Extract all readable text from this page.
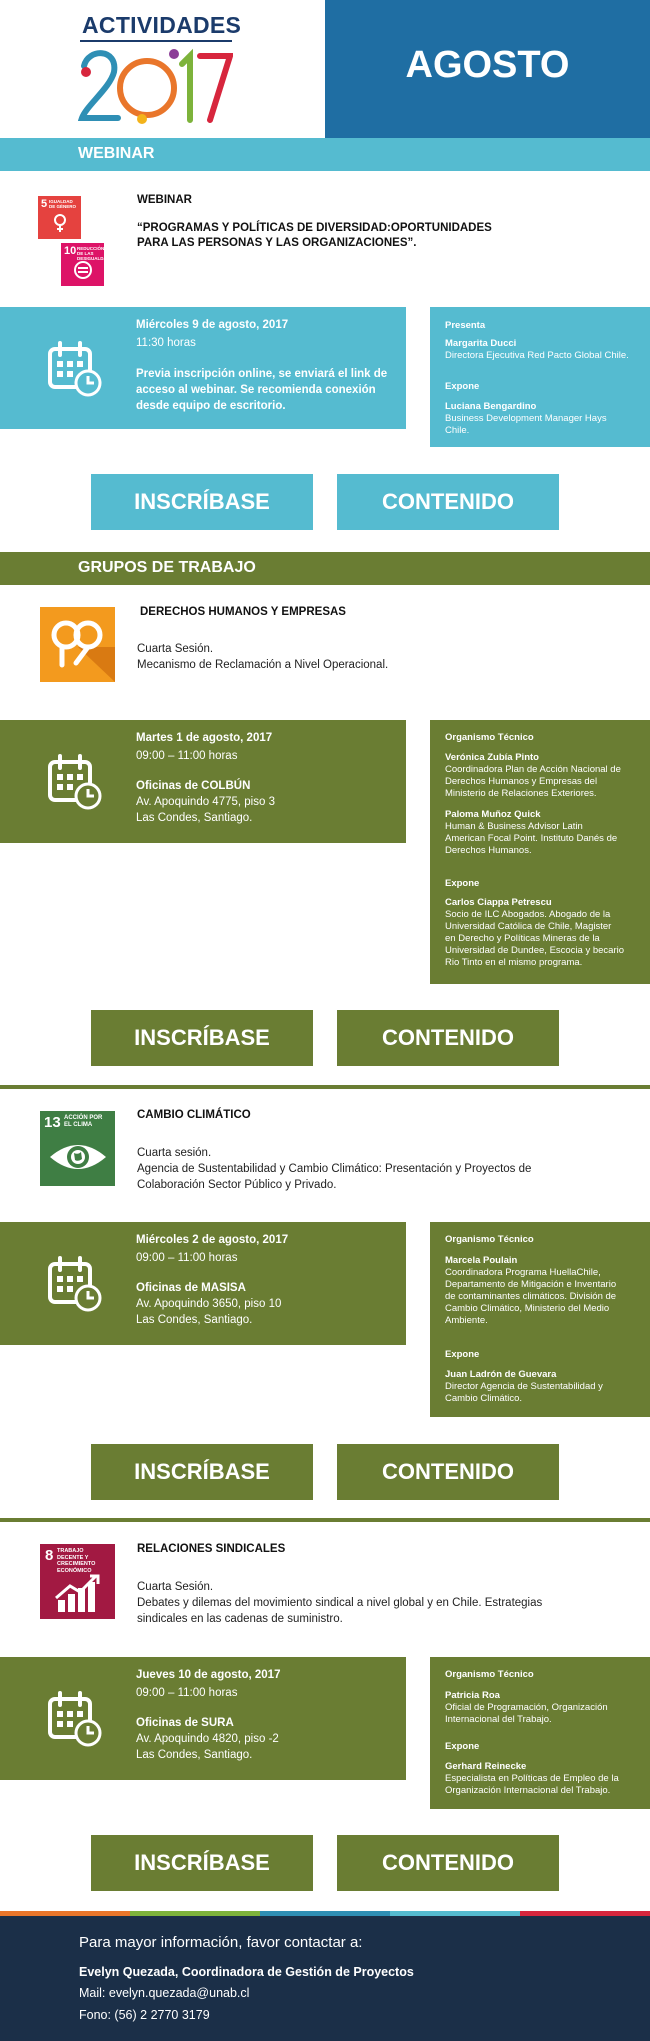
ACTIVIDADES
2017	AGOSTO
WEBINAR
5 IGUALDAD DE GÉNERO
10 REDUCCIÓN DE LAS DESIGUALDADES
WEBINAR
“PROGRAMAS Y POLÍTICAS DE DIVERSIDAD:OPORTUNIDADES
PARA LAS PERSONAS Y LAS ORGANIZACIONES”.
Miércoles 9 de agosto, 2017
11:30 horas
Previa inscripción online, se enviará el link de
acceso al webinar. Se recomienda conexión
desde equipo de escritorio.
Presenta
Margarita Ducci
Directora Ejecutiva Red Pacto Global Chile.
Expone
Luciana Bengardino
Business Development Manager Hays
Chile.
INSCRÍBASE	CONTENIDO
GRUPOS DE TRABAJO
DERECHOS HUMANOS Y EMPRESAS
Cuarta Sesión.
Mecanismo de Reclamación a Nivel Operacional.
Martes 1 de agosto, 2017
09:00 – 11:00 horas
Oficinas de COLBÚN
Av. Apoquindo 4775, piso 3
Las Condes, Santiago.
Organismo Técnico
Verónica Zubía Pinto
Coordinadora Plan de Acción Nacional de
Derechos Humanos y Empresas del
Ministerio de Relaciones Exteriores.
Paloma Muñoz Quick
Human & Business Advisor Latin
American Focal Point. Instituto Danés de
Derechos Humanos.
Expone
Carlos Ciappa Petrescu
Socio de ILC Abogados. Abogado de la
Universidad Católica de Chile, Magister
en Derecho y Políticas Mineras de la
Universidad de Dundee, Escocia y becario
Rio Tinto en el mismo programa.
INSCRÍBASE	CONTENIDO
13 ACCIÓN POR EL CLIMA
CAMBIO CLIMÁTICO
Cuarta sesión.
Agencia de Sustentabilidad y Cambio Climático: Presentación y Proyectos de
Colaboración Sector Público y Privado.
Miércoles 2 de agosto, 2017
09:00 – 11:00 horas
Oficinas de MASISA
Av. Apoquindo 3650, piso 10
Las Condes, Santiago.
Organismo Técnico
Marcela Poulain
Coordinadora Programa HuellaChile,
Departamento de Mitigación e Inventario
de contaminantes climáticos. División de
Cambio Climático, Ministerio del Medio
Ambiente.
Expone
Juan Ladrón de Guevara
Director Agencia de Sustentabilidad y
Cambio Climático.
INSCRÍBASE	CONTENIDO
8 TRABAJO DECENTE Y CRECIMIENTO ECONÓMICO
RELACIONES SINDICALES
Cuarta Sesión.
Debates y dilemas del movimiento sindical a nivel global y en Chile. Estrategias
sindicales en las cadenas de suministro.
Jueves 10 de agosto, 2017
09:00 – 11:00 horas
Oficinas de SURA
Av. Apoquindo 4820, piso -2
Las Condes, Santiago.
Organismo Técnico
Patricia Roa
Oficial de Programación, Organización
Internacional del Trabajo.
Expone
Gerhard Reinecke
Especialista en Políticas de Empleo de la
Organización Internacional del Trabajo.
INSCRÍBASE	CONTENIDO
Para mayor información, favor contactar a:
Evelyn Quezada, Coordinadora de Gestión de Proyectos
Mail: evelyn.quezada@unab.cl
Fono: (56) 2 2770 3179
